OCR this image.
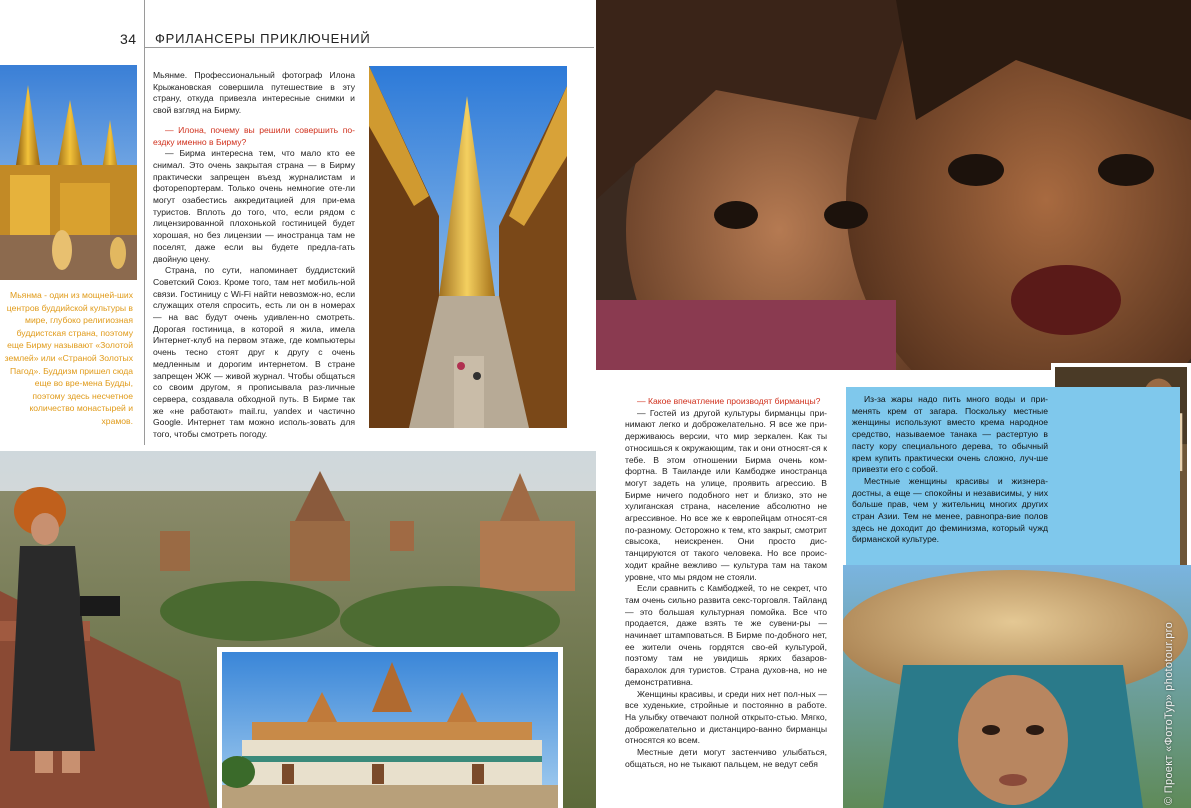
34 ФРИЛАНСЕРЫ ПРИКЛЮЧЕНИЙ
Мьянма - один из мощней-ших центров буддийской культуры в мире, глубоко религиозная буддистская страна, поэтому еще Бирму называют «Золотой землей» или «Страной Золотых Пагод». Буддизм пришел сюда еще во вре-мена Будды, поэтому здесь несчетное количество монастырей и храмов.

Мьянме. Профессиональный фотограф Илона Крыжановская совершила путешествие в эту страну, откуда привезла интересные снимки и свой взгляд на Бирму.

— Илона, почему вы решили совершить по-ездку именно в Бирму?

— Бирма интересна тем, что мало кто ее снимал. Это очень закрытая страна — в Бирму практически запрещен въезд журналистам и фоторепортерам. Только очень немногие оте-ли могут озабестись аккредитацией для при-ема туристов. Вплоть до того, что, если рядом с лицензированной плохонькой гостиницей будет хорошая, но без лицензии — иностранца там не поселят, даже если вы будете предла-гать двойную цену.

Страна, по сути, напоминает буддистский Советский Союз. Кроме того, там нет мобиль-ной связи. Гостиницу с Wi-Fi найти невозмож-но, если служащих отеля спросить, есть ли он в номерах — на вас будут очень удивлен-но смотреть. Дорогая гостиница, в которой я жила, имела Интернет-клуб на первом этаже, где компьютеры очень тесно стоят друг к другу с очень медленным и дорогим интернетом. В стране запрещен ЖЖ — живой журнал. Чтобы общаться со своим другом, я прописывала раз-личные сервера, создавала обходной путь. В Бирме так же «не работают» mail.ru, yandex и частично Google. Интернет там можно исполь-зовать для того, чтобы смотреть погоду.

Из-за жары надо пить много воды и при-менять крем от загара. Поскольку местные женщины используют вместо крема народное средство, называемое танака — растертую в пасту кору специального дерева, то обычный крем купить практически очень сложно, луч-ше привезти его с собой.

Местные женщины красивы и жизнера-достны, а еще — спокойны и независимы, у них больше прав, чем у жительниц многих других стран Азии. Тем не менее, равнопра-вие полов здесь не доходит до феминизма, который чужд бирманской культуре.

— Какое впечатление производят бирманцы?

— Гостей из другой культуры бирманцы при-нимают легко и доброжелательно. Я все же при-держиваюсь версии, что мир зеркален. Как ты относишься к окружающим, так и они относят-ся к тебе. В этом отношении Бирма очень ком-фортна. В Таиланде или Камбодже иностранца могут задеть на улице, проявить агрессию. В Бирме ничего подобного нет и близко, это не хулиганская страна, население абсолютно не агрессивное. Но все же к европейцам относят-ся по-разному. Осторожно к тем, кто закрыт, смотрит свысока, неискренен. Они просто дис-танцируются от такого человека. Но все проис-ходит крайне вежливо — культура там на таком уровне, что мы рядом не стояли.

Если сравнить с Камбоджей, то не секрет, что там очень сильно развита секс-торговля. Тайланд — это большая культурная помойка. Все что продается, даже взять те же сувени-ры — начинает штамповаться. В Бирме по-добного нет, ее жители очень гордятся сво-ей культурой, поэтому там не увидишь ярких базаров-барахолок для туристов. Страна духов-на, но не демонстративна.

Женщины красивы, и среди них нет пол-ных — все худенькие, стройные и постоянно в работе. На улыбку отвечают полной открыто-стью. Мягко, доброжелательно и дистанциро-ванно бирманцы относятся ко всем.

Местные дети могут застенчиво улыбаться, общаться, но не тыкают пальцем, не ведут себя	© Проект «ФотоТур» phototour.pro
